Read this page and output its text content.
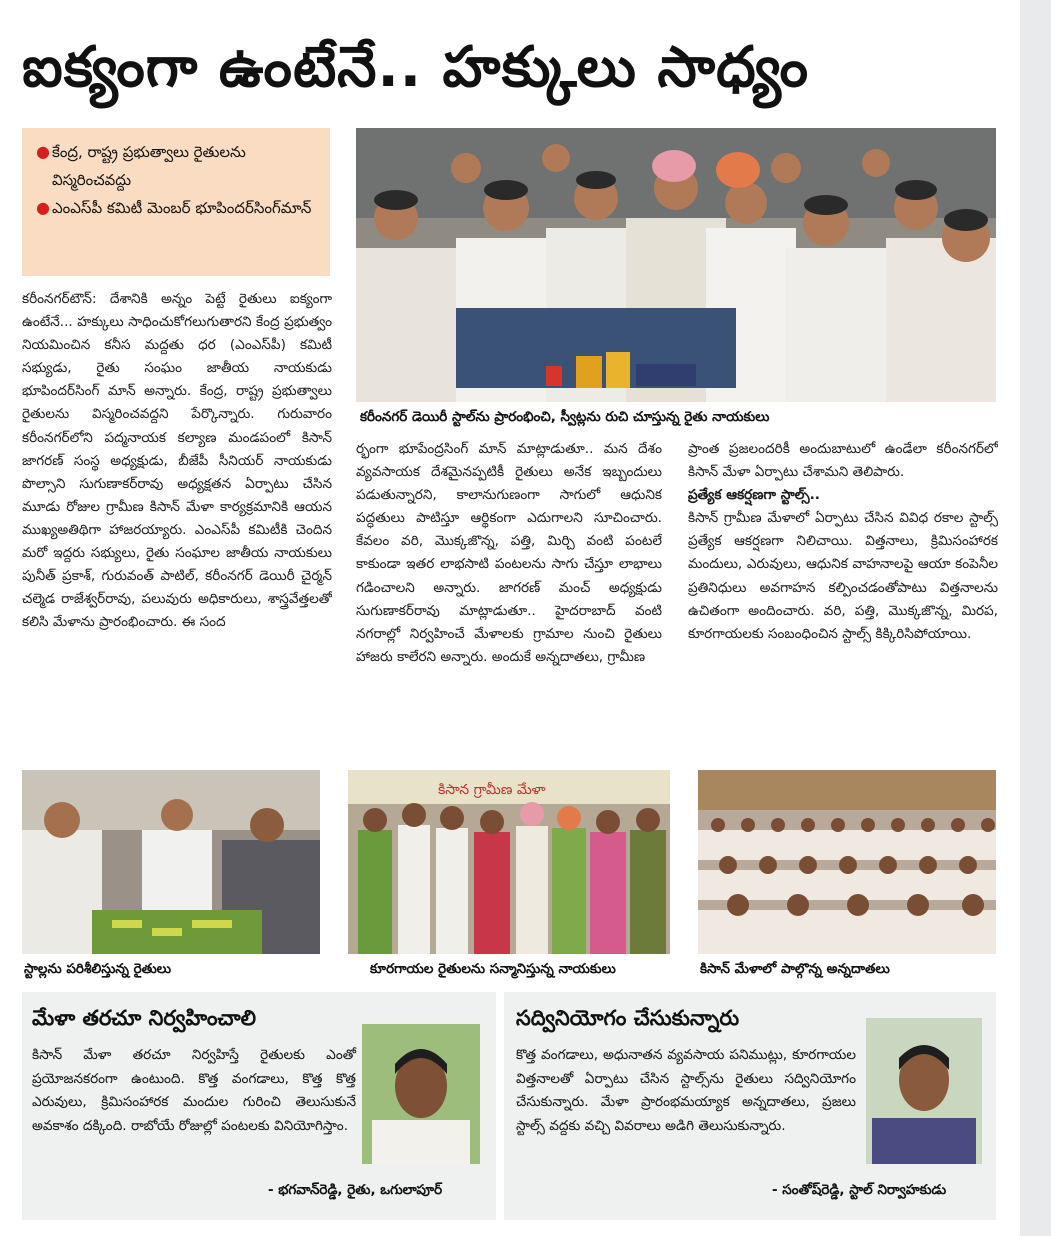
ఐక్యంగా ఉంటేనే.. హక్కులు సాధ్యం
● కేంద్ర, రాష్ట్ర ప్రభుత్వాలు రైతులను విస్మరించవద్దు
● ఎంఎస్‌పీ కమిటీ మెంబర్ భూపిందర్‌సింగ్‌మాన్
కరీంనగర్ డెయిరీ స్టాల్‌ను ప్రారంభించి, స్వీట్లను రుచి చూస్తున్న రైతు నాయకులు

కరీంనగర్‌టౌన్: దేశానికి అన్నం పెట్టే రైతులు ఐక్యంగా ఉంటేనే... హక్కులు సాధించుకోగలుగుతారని కేంద్ర ప్రభుత్వం నియమించిన కనీస మద్దతు ధర (ఎంఎస్‌పీ) కమిటీ సభ్యుడు, రైతు సంఘం జాతీయ నాయకుడు భూపిందర్‌సింగ్ మాన్ అన్నారు. కేంద్ర, రాష్ట్ర ప్రభుత్వాలు రైతులను విస్మరించవద్దని పేర్కొన్నారు. గురువారం కరీంనగర్‌లోని పద్మనాయక కల్యాణ మండపంలో కిసాన్ జాగరణ్ సంస్థ అధ్యక్షుడు, బీజేపీ సీనియర్ నాయకుడు పొల్సాని సుగుణాకర్‌రావు అధ్యక్షతన ఏర్పాటు చేసిన మూడు రోజుల గ్రామీణ కిసాన్ మేళా కార్యక్రమానికి ఆయన ముఖ్యఅతిథిగా హాజరయ్యారు. ఎంఎస్‌పీ కమిటీకి చెందిన మరో ఇద్దరు సభ్యులు, రైతు సంఘాల జాతీయ నాయకులు పునీత్ ప్రకాశ్, గురువంత్ పాటిల్, కరీంనగర్ డెయిరీ చైర్మన్ చల్మెడ రాజేశ్వర్‌రావు, పలువురు అధికారులు, శాస్త్రవేత్తలతో కలిసి మేళాను ప్రారంభించారు. ఈ సంద

ర్భంగా భూపేంద్రసింగ్ మాన్ మాట్లాడుతూ.. మన దేశం వ్యవసాయక దేశమైనప్పటికీ రైతులు అనేక ఇబ్బందులు పడుతున్నారని, కాలానుగుణంగా సాగులో ఆధునిక పద్ధతులు పాటిస్తూ ఆర్థికంగా ఎదుగాలని సూచించారు. కేవలం వరి, మొక్కజొన్న, పత్తి, మిర్చి వంటి పంటలే కాకుండా ఇతర లాభసాటి పంటలను సాగు చేస్తూ లాభాలు గడించాలని అన్నారు. జాగరణ్ మంచ్ అధ్యక్షుడు సుగుణాకర్‌రావు మాట్లాడుతూ.. హైదరాబాద్ వంటి నగరాల్లో నిర్వహించే మేళాలకు గ్రామాల నుంచి రైతులు హాజరు కాలేరని అన్నారు. అందుకే అన్నదాతలు, గ్రామీణ

ప్రాంత ప్రజలందరికీ అందుబాటులో ఉండేలా కరీంనగర్‌లో కిసాన్ మేళా ఏర్పాటు చేశామని తెలిపారు.

ప్రత్యేక ఆకర్షణగా స్టాల్స్..

కిసాన్ గ్రామీణ మేళాలో ఏర్పాటు చేసిన వివిధ రకాల స్టాల్స్ ప్రత్యేక ఆకర్షణగా నిలిచాయి. విత్తనాలు, క్రిమిసంహారక మందులు, ఎరువులు, ఆధునిక వాహనాలపై ఆయా కంపెనీల ప్రతినిధులు అవగాహన కల్పించడంతోపాటు విత్తనాలను ఉచితంగా అందించారు. వరి, పత్తి, మొక్కజొన్న, మిరప, కూరగాయలకు సంబంధించిన స్టాల్స్ కిక్కిరిసిపోయాయి.

స్టాల్లను పరిశీలిస్తున్న రైతులు
కిసాన గ్రామీణ మేళా
కూరగాయల రైతులను సన్మానిస్తున్న నాయకులు	కిసాన్ మేళాలో పాల్గొన్న అన్నదాతలు
మేళా తరచూ నిర్వహించాలి
కిసాన్ మేళా తరచూ నిర్వహిస్తే రైతులకు ఎంతో ప్రయోజనకరంగా ఉంటుంది. కొత్త వంగడాలు, కొత్త కొత్త ఎరువులు, క్రిమిసంహారక మందుల గురించి తెలుసుకునే అవకాశం దక్కింది. రాబోయే రోజుల్లో పంటలకు వినియోగిస్తాం.
- భగవాన్‌రెడ్డి, రైతు, ఒగులాపూర్
సద్వినియోగం చేసుకున్నారు
కొత్త వంగడాలు, అధునాతన వ్యవసాయ పనిముట్లు, కూరగాయల విత్తనాలతో ఏర్పాటు చేసిన స్టాల్స్‌ను రైతులు సద్వినియోగం చేసుకున్నారు. మేళా ప్రారంభమయ్యాక అన్నదాతలు, ప్రజలు స్టాల్స్ వద్దకు వచ్చి వివరాలు అడిగి తెలుసుకున్నారు.
- సంతోష్‌రెడ్డి, స్టాల్ నిర్వాహకుడు
